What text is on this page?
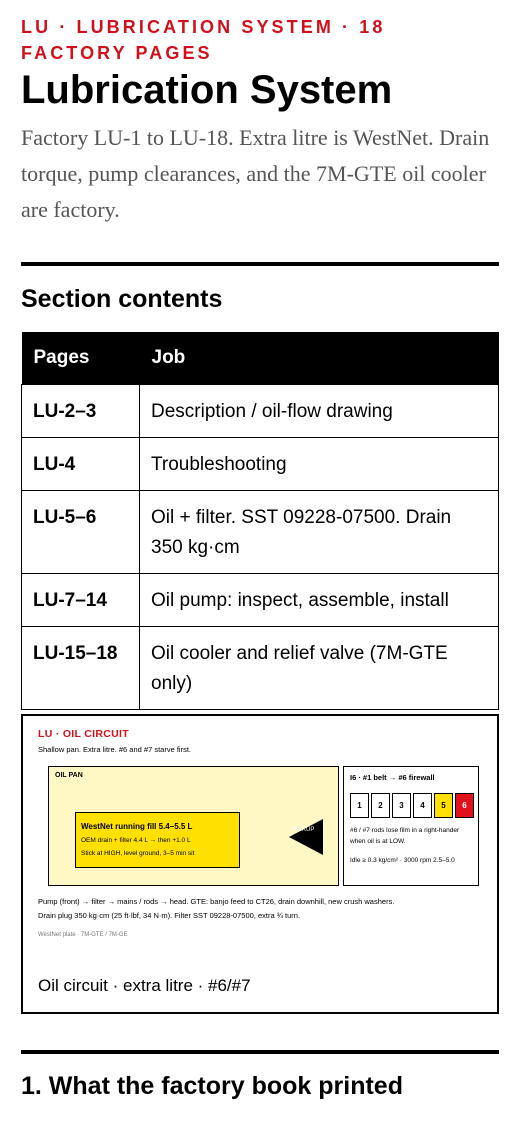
LU · LUBRICATION SYSTEM · 18 FACTORY PAGES
Lubrication System
Factory LU-1 to LU-18. Extra litre is WestNet. Drain torque, pump clearances, and the 7M-GTE oil cooler are factory.
Section contents
Pages	Job
LU-2–3	Description / oil-flow drawing
LU-4	Troubleshooting
LU-5–6	Oil + filter. SST 09228-07500. Drain 350 kg·cm
LU-7–14	Oil pump: inspect, assemble, install
LU-15–18	Oil cooler and relief valve (7M-GTE only)
LU · OIL CIRCUIT
Shallow pan. Extra litre. #6 and #7 starve first.
OIL PAN
WestNet running fill 5.4–5.5 L
OEM drain + filter 4.4 L → then +1.0 L
Stick at HIGH, level ground, 3–5 min sit
PICKUP
I6 · #1 belt → #6 firewall
1	2	3	4	5	6
#6 / #7 rods lose film in a right-hander when oil is at LOW.
Idle ≥ 0.3 kg/cm² · 3000 rpm 2.5–5.0
Pump (front) → filter → mains / rods → head. GTE: banjo feed to CT26, drain downhill, new crush washers.
Drain plug 350 kg·cm (25 ft·lbf, 34 N·m). Filter SST 09228-07500, extra ¾ turn.
WestNet plate · 7M-GTE / 7M-GE
Oil circuit · extra litre · #6/#7
1. What the factory book printed
